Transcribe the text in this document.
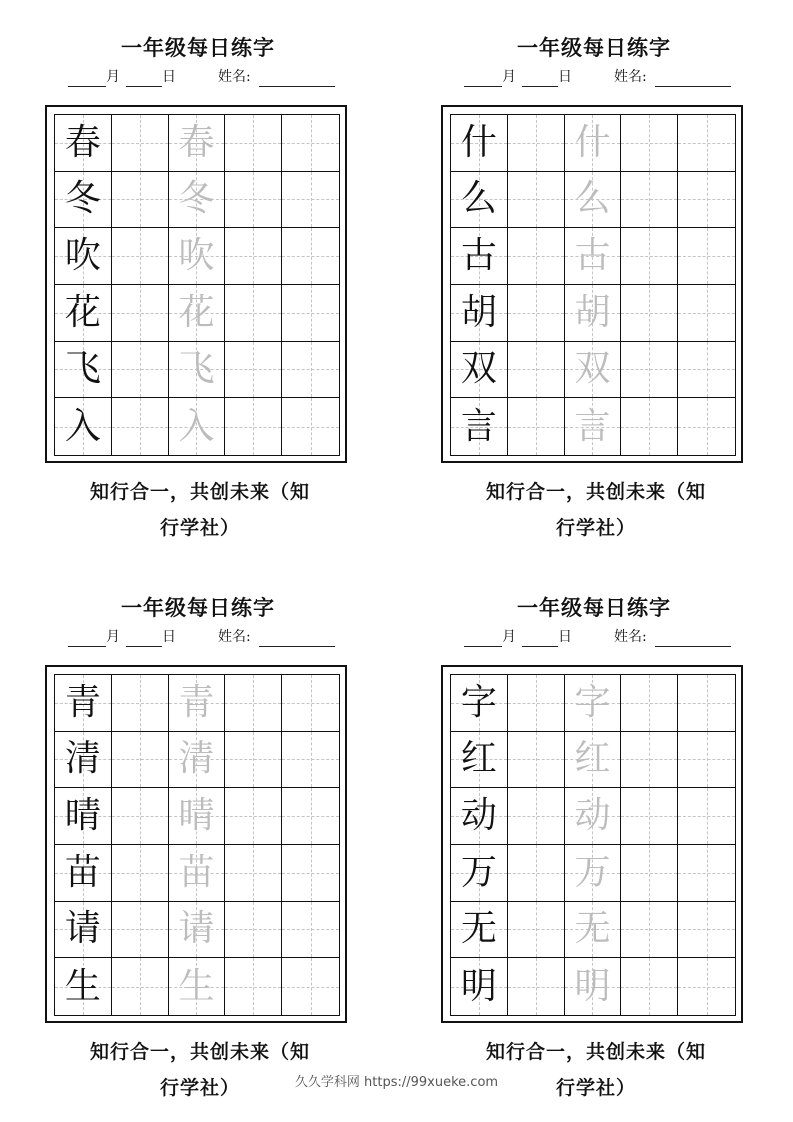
一年级每日练字
月	日	姓名:
春 春
冬 冬
吹 吹
花 花
飞 飞
入 入
知行合一，共创未来（知
行学社）
一年级每日练字
月	日	姓名:
什 什
么 么
古 古
胡 胡
双 双
言 言
知行合一，共创未来（知
行学社）
一年级每日练字
月	日	姓名:
青 青
清 清
晴 晴
苗 苗
请 请
生 生
知行合一，共创未来（知
行学社）
一年级每日练字
月	日	姓名:
字 字
红 红
动 动
万 万
无 无
明 明
知行合一，共创未来（知
行学社）
久久学科网 https://99xueke.com
